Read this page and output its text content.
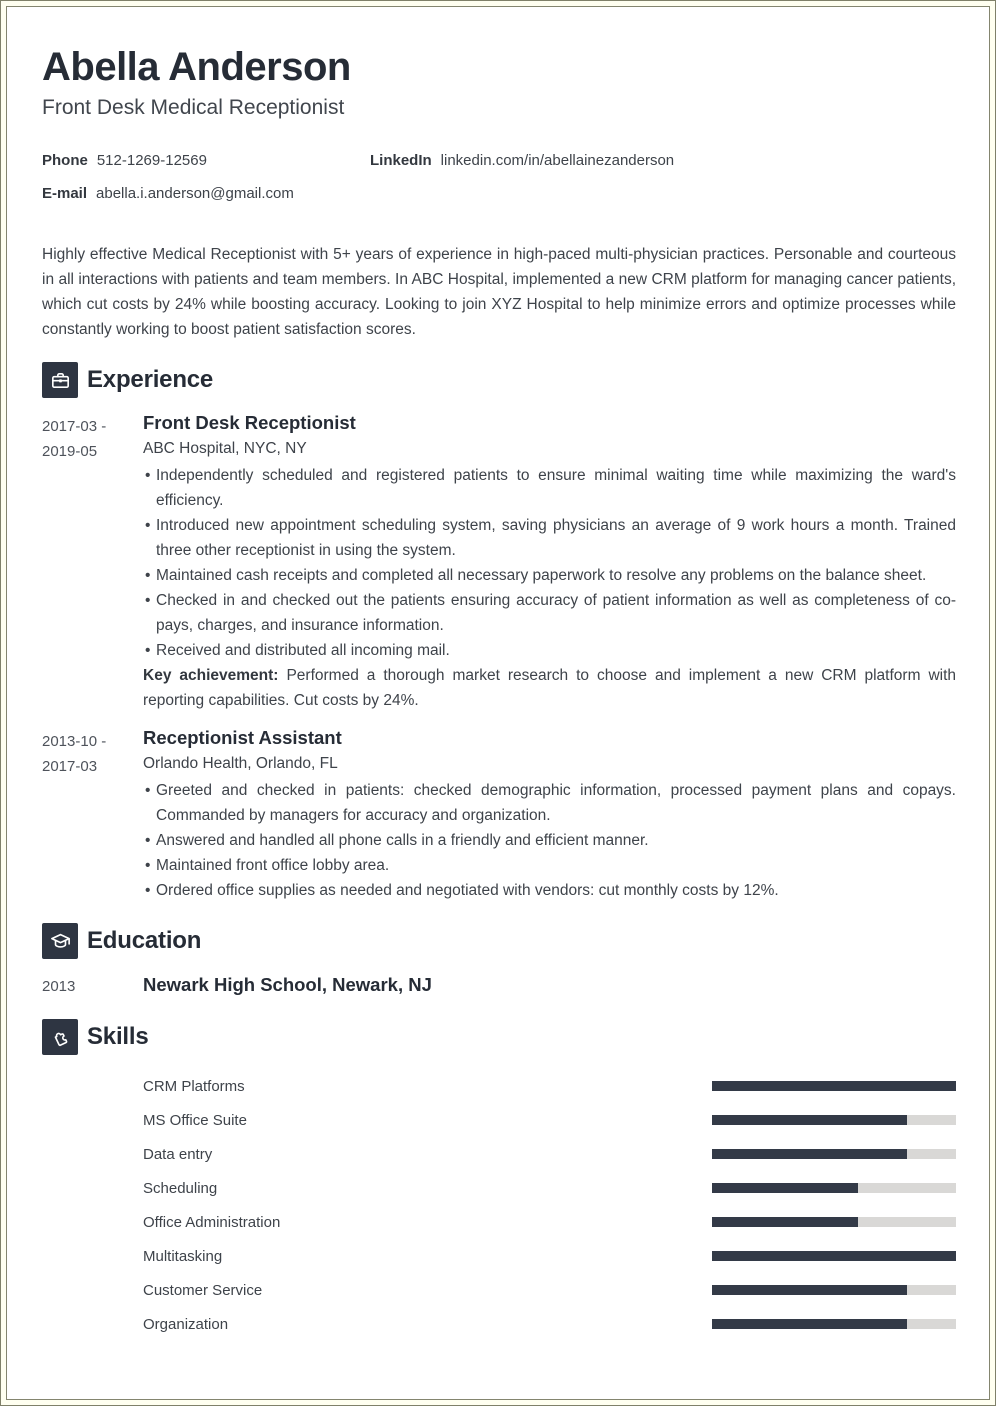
Abella Anderson
Front Desk Medical Receptionist
Phone 512-1269-12569	LinkedIn linkedin.com/in/abellainezanderson
E-mail abella.i.anderson@gmail.com

Highly effective Medical Receptionist with 5+ years of experience in high-paced multi-physician practices. Personable and courteous in all interactions with patients and team members. In ABC Hospital, implemented a new CRM platform for managing cancer patients, which cut costs by 24% while boosting accuracy. Looking to join XYZ Hospital to help minimize errors and optimize processes while constantly working to boost patient satisfaction scores.

Experience
2017-03 -
2019-05
Front Desk Receptionist
ABC Hospital, NYC, NY
• Independently scheduled and registered patients to ensure minimal waiting time while maximizing the ward's efficiency.
• Introduced new appointment scheduling system, saving physicians an average of 9 work hours a month. Trained three other receptionist in using the system.
• Maintained cash receipts and completed all necessary paperwork to resolve any problems on the balance sheet.
• Checked in and checked out the patients ensuring accuracy of patient information as well as completeness of co-pays, charges, and insurance information.
• Received and distributed all incoming mail.

Key achievement: Performed a thorough market research to choose and implement a new CRM platform with reporting capabilities. Cut costs by 24%.

2013-10 -
2017-03
Receptionist Assistant
Orlando Health, Orlando, FL
• Greeted and checked in patients: checked demographic information, processed payment plans and copays. Commanded by managers for accuracy and organization.
• Answered and handled all phone calls in a friendly and efficient manner.
• Maintained front office lobby area.
• Ordered office supplies as needed and negotiated with vendors: cut monthly costs by 12%.
Education
2013	Newark High School, Newark, NJ
Skills
CRM Platforms
MS Office Suite
Data entry
Scheduling
Office Administration
Multitasking
Customer Service
Organization
